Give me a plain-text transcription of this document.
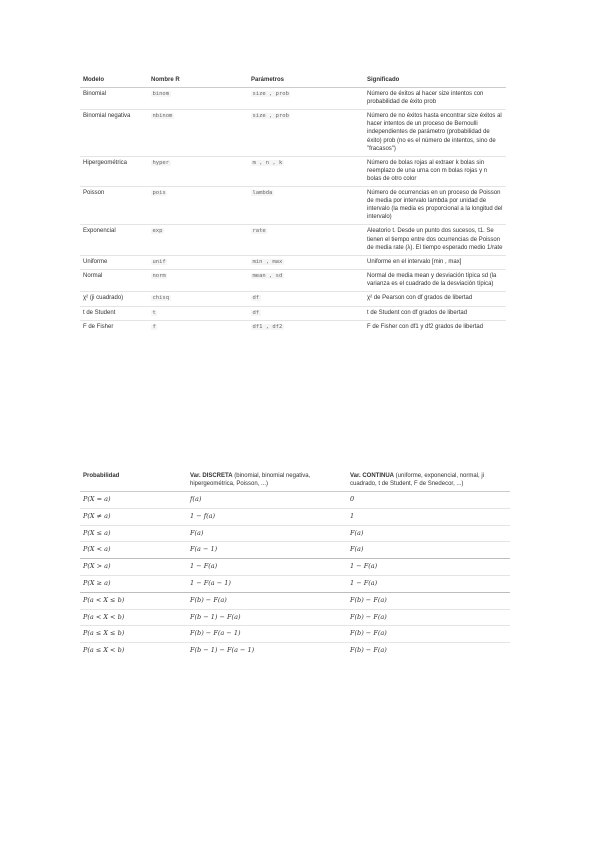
Modelo	Nombre R	Parámetros	Significado
Binomial	binom	size , prob	Número de éxitos al hacer size intentos con probabilidad de éxito prob
Binomial negativa	nbinom	size , prob	Número de no éxitos hasta encontrar size éxitos al hacer intentos de un proceso de Bernoulli independientes de parámetro (probabilidad de éxito) prob (no es el número de intentos, sino de "fracasos")
Hipergeométrica	hyper	m , n , k	Número de bolas rojas al extraer k bolas sin reemplazo de una urna con m bolas rojas y n bolas de otro color
Poisson	pois	lambda	Número de ocurrencias en un proceso de Poisson de media por intervalo lambda por unidad de intervalo (la media es proporcional a la longitud del intervalo)
Exponencial	exp	rate	Aleatorio t. Desde un punto dos sucesos, t1. Se tienen el tiempo entre dos ocurrencias de Poisson de media rate (λ). El tiempo esperado medio 1/rate
Uniforme	unif	min , max	Uniforme en el intervalo [min , max]
Normal	norm	mean , sd	Normal de media mean y desviación típica sd (la varianza es el cuadrado de la desviación típica)
χ² (ji cuadrado)	chisq	df	χ² de Pearson con df grados de libertad
t de Student	t	df	t de Student con df grados de libertad
F de Fisher	f	df1 , df2	F de Fisher con df1 y df2 grados de libertad
Probabilidad	Var. DISCRETA (binomial, binomial negativa, hipergeométrica, Poisson, ...)	Var. CONTINUA (uniforme, exponencial, normal, ji cuadrado, t de Student, F de Snedecor, ...)
P(X = a)	f(a)	0
P(X ≠ a)	1 − f(a)	1
P(X ≤ a)	F(a)	F(a)
P(X < a)	F(a − 1)	F(a)
P(X > a)	1 − F(a)	1 − F(a)
P(X ≥ a)	1 − F(a − 1)	1 − F(a)
P(a < X ≤ b)	F(b) − F(a)	F(b) − F(a)
P(a < X < b)	F(b − 1) − F(a)	F(b) − F(a)
P(a ≤ X ≤ b)	F(b) − F(a − 1)	F(b) − F(a)
P(a ≤ X < b)	F(b − 1) − F(a − 1)	F(b) − F(a)
